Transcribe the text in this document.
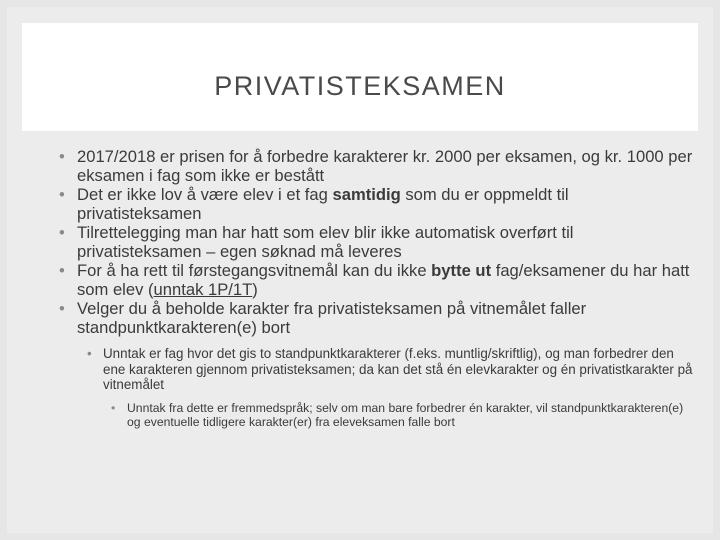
PRIVATISTEKSAMEN
• 2017/2018 er prisen for å forbedre karakterer kr. 2000 per eksamen, og kr. 1000 per eksamen i fag som ikke er bestått
• Det er ikke lov å være elev i et fag samtidig som du er oppmeldt til privatisteksamen
• Tilrettelegging man har hatt som elev blir ikke automatisk overført til privatisteksamen – egen søknad må leveres
• For å ha rett til førstegangsvitnemål kan du ikke bytte ut fag/eksamener du har hatt som elev (unntak 1P/1T)
• Velger du å beholde karakter fra privatisteksamen på vitnemålet faller standpunktkarakteren(e) bort
• Unntak er fag hvor det gis to standpunktkarakterer (f.eks. muntlig/skriftlig), og man forbedrer den ene karakteren gjennom privatisteksamen; da kan det stå én elevkarakter og én privatistkarakter på vitnemålet
• Unntak fra dette er fremmedspråk; selv om man bare forbedrer én karakter, vil standpunktkarakteren(e) og eventuelle tidligere karakter(er) fra eleveksamen falle bort
